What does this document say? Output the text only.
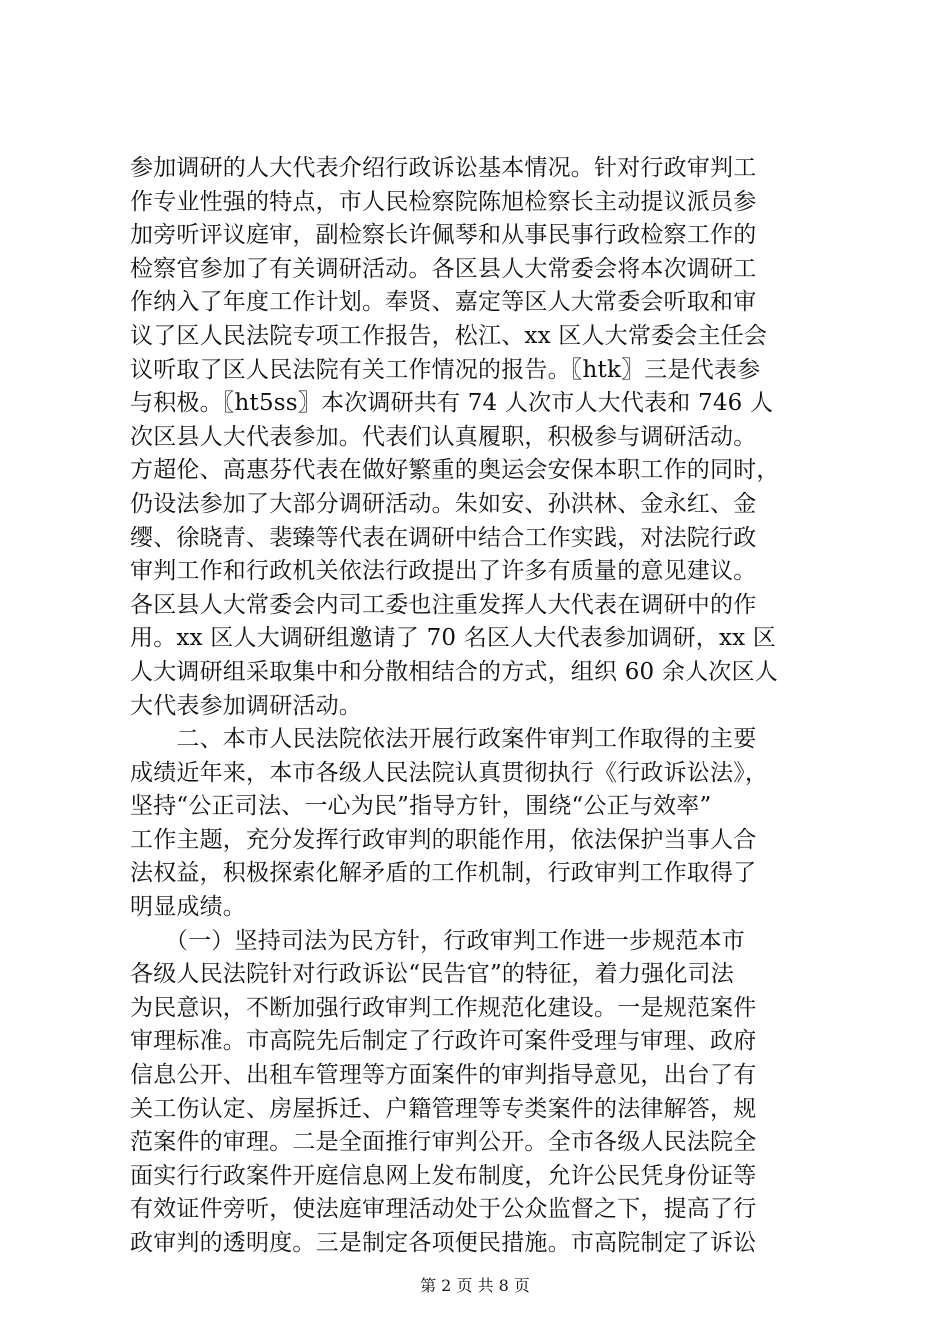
参加调研的人大代表介绍行政诉讼基本情况。针对行政审判工
作专业性强的特点，市人民检察院陈旭检察长主动提议派员参
加旁听评议庭审，副检察长许佩琴和从事民事行政检察工作的
检察官参加了有关调研活动。各区县人大常委会将本次调研工
作纳入了年度工作计划。奉贤、嘉定等区人大常委会听取和审
议了区人民法院专项工作报告，松江、xx 区人大常委会主任会
议听取了区人民法院有关工作情况的报告。〖htk〗三是代表参
与积极。〖ht5ss〗本次调研共有 74 人次市人大代表和 746 人
次区县人大代表参加。代表们认真履职，积极参与调研活动。
方超伦、高惠芬代表在做好繁重的奥运会安保本职工作的同时，
仍设法参加了大部分调研活动。朱如安、孙洪林、金永红、金
缨、徐晓青、裴臻等代表在调研中结合工作实践，对法院行政
审判工作和行政机关依法行政提出了许多有质量的意见建议。
各区县人大常委会内司工委也注重发挥人大代表在调研中的作
用。xx 区人大调研组邀请了 70 名区人大代表参加调研，xx 区
人大调研组采取集中和分散相结合的方式，组织 60 余人次区人
大代表参加调研活动。
　　二、本市人民法院依法开展行政案件审判工作取得的主要
成绩近年来，本市各级人民法院认真贯彻执行《行政诉讼法》，
坚持“公正司法、一心为民”指导方针，围绕“公正与效率”
工作主题，充分发挥行政审判的职能作用，依法保护当事人合
法权益，积极探索化解矛盾的工作机制，行政审判工作取得了
明显成绩。
　　（一）坚持司法为民方针，行政审判工作进一步规范本市
各级人民法院针对行政诉讼“民告官”的特征，着力强化司法
为民意识，不断加强行政审判工作规范化建设。一是规范案件
审理标准。市高院先后制定了行政许可案件受理与审理、政府
信息公开、出租车管理等方面案件的审判指导意见，出台了有
关工伤认定、房屋拆迁、户籍管理等专类案件的法律解答，规
范案件的审理。二是全面推行审判公开。全市各级人民法院全
面实行行政案件开庭信息网上发布制度，允许公民凭身份证等
有效证件旁听，使法庭审理活动处于公众监督之下，提高了行
政审判的透明度。三是制定各项便民措施。市高院制定了诉讼
第 2 页 共 8 页
